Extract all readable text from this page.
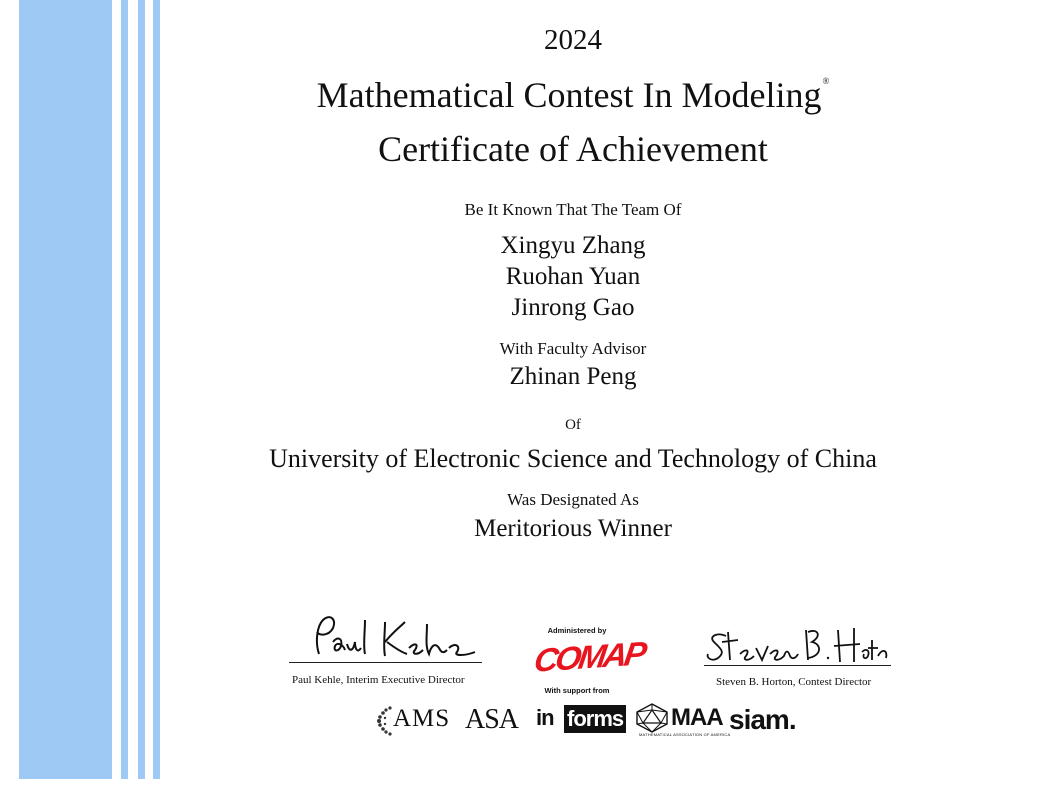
2024
Mathematical Contest In Modeling®
Certificate of Achievement
Be It Known That The Team Of
Xingyu Zhang
Ruohan Yuan
Jinrong Gao
With Faculty Advisor
Zhinan Peng
Of
University of Electronic Science and Technology of China
Was Designated As
Meritorious Winner
Paul Kehle, Interim Executive Director
Administered by
COMAP
With support from
Steven B. Horton, Contest Director
AMS ASA in forms MAA
MATHEMATICAL ASSOCIATION OF AMERICA
siam.
